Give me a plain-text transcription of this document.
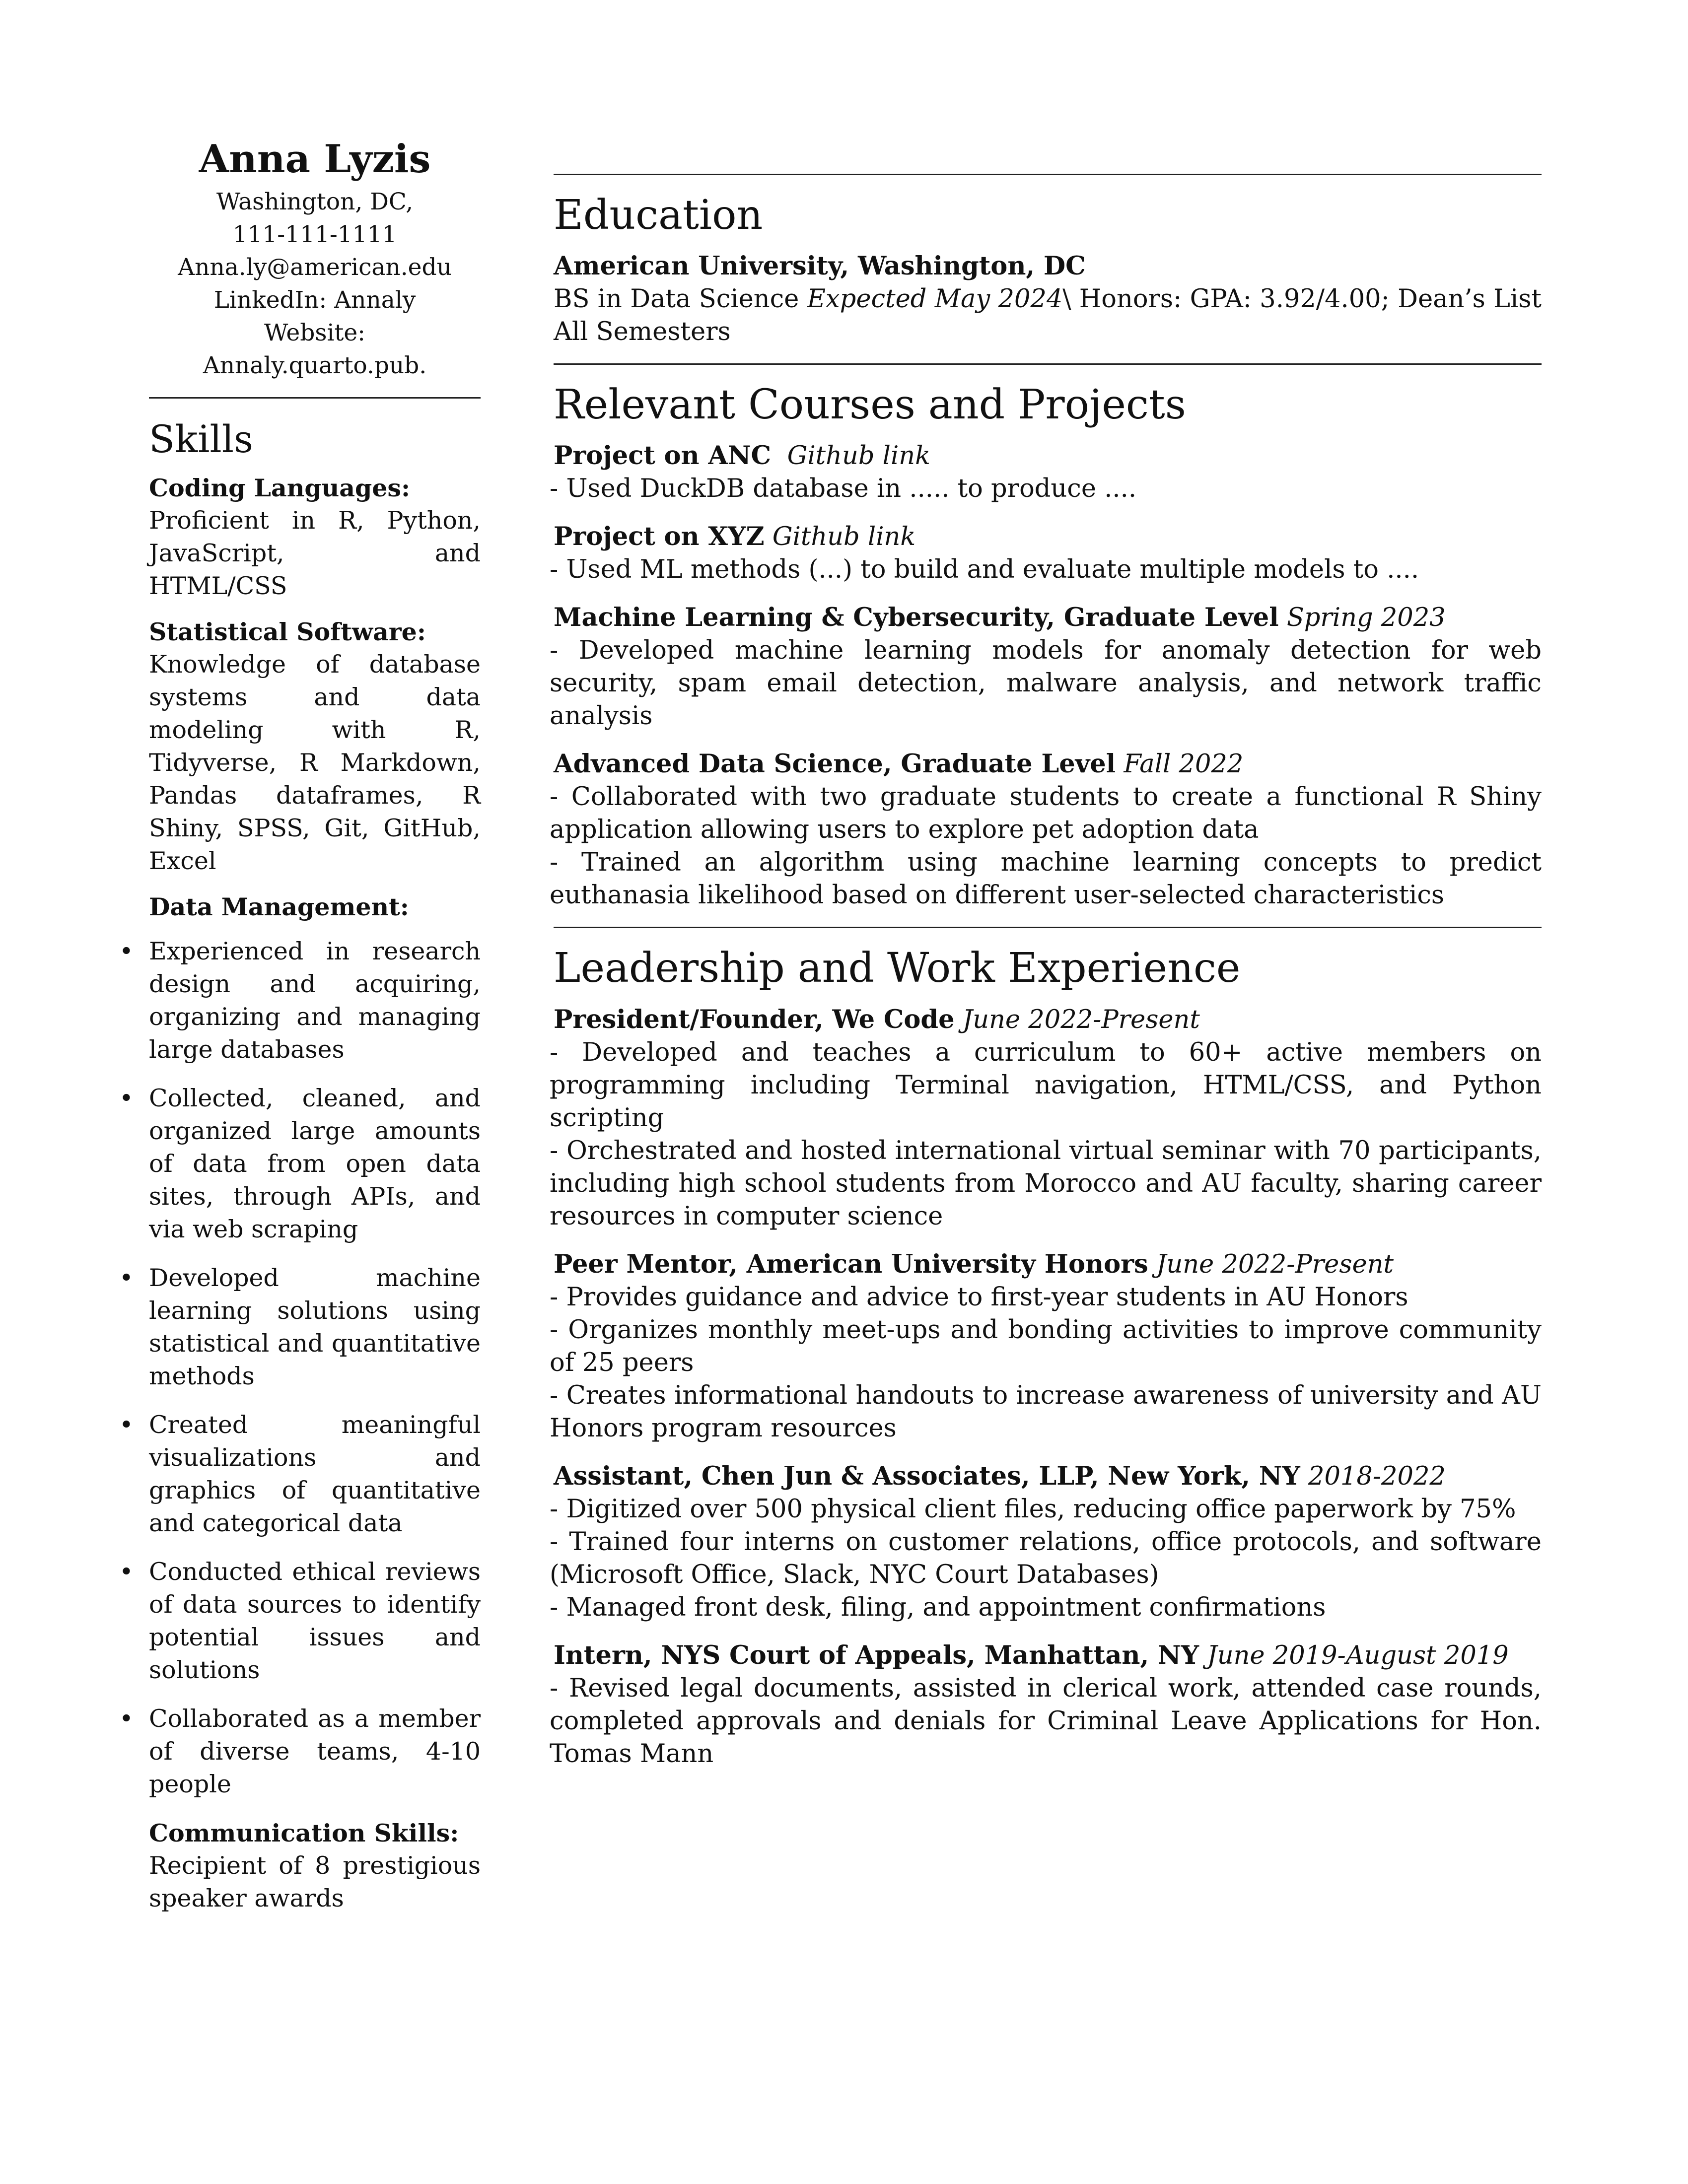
Anna Lyzis
Washington, DC,
111-111-1111
Anna.ly@american.edu
LinkedIn: Annaly
Website: Annaly.quarto.pub.
Skills
Coding Languages:
Proficient in R, Python, JavaScript, and HTML/CSS
Statistical Software:
Knowledge of database systems and data modeling with R, Tidyverse, R Markdown, Pandas dataframes, R Shiny, SPSS, Git, GitHub, Excel
Data Management:
• Experienced in research design and acquiring, organizing and managing large databases
• Collected, cleaned, and organized large amounts of data from open data sites, through APIs, and via web scraping
• Developed machine learning solutions using statistical and quantitative methods
• Created meaningful visualizations and graphics of quantitative and categorical data
• Conducted ethical reviews of data sources to identify potential issues and solutions
• Collaborated as a member of diverse teams, 4-10 people
Communication Skills:
Recipient of 8 prestigious speaker awards
Education
American University, Washington, DC
BS in Data Science Expected May 2024\ Honors: GPA: 3.92/4.00; Dean’s List All Semesters
Relevant Courses and Projects
Project on ANC Github link
- Used DuckDB database in ..... to produce ....
Project on XYZ Github link
- Used ML methods (...) to build and evaluate multiple models to ....
Machine Learning & Cybersecurity, Graduate Level Spring 2023
- Developed machine learning models for anomaly detection for web security, spam email detection, malware analysis, and network traffic analysis
Advanced Data Science, Graduate Level Fall 2022
- Collaborated with two graduate students to create a functional R Shiny application allowing users to explore pet adoption data
- Trained an algorithm using machine learning concepts to predict euthanasia likelihood based on different user-selected characteristics
Leadership and Work Experience
President/Founder, We Code June 2022-Present
- Developed and teaches a curriculum to 60+ active members on programming including Terminal navigation, HTML/CSS, and Python scripting
- Orchestrated and hosted international virtual seminar with 70 participants, including high school students from Morocco and AU faculty, sharing career resources in computer science
Peer Mentor, American University Honors June 2022-Present
- Provides guidance and advice to first-year students in AU Honors
- Organizes monthly meet-ups and bonding activities to improve community of 25 peers
- Creates informational handouts to increase awareness of university and AU Honors program resources
Assistant, Chen Jun & Associates, LLP, New York, NY 2018-2022
- Digitized over 500 physical client files, reducing office paperwork by 75%
- Trained four interns on customer relations, office protocols, and software (Microsoft Office, Slack, NYC Court Databases)
- Managed front desk, filing, and appointment confirmations
Intern, NYS Court of Appeals, Manhattan, NY June 2019-August 2019
- Revised legal documents, assisted in clerical work, attended case rounds, completed approvals and denials for Criminal Leave Applications for Hon. Tomas Mann
